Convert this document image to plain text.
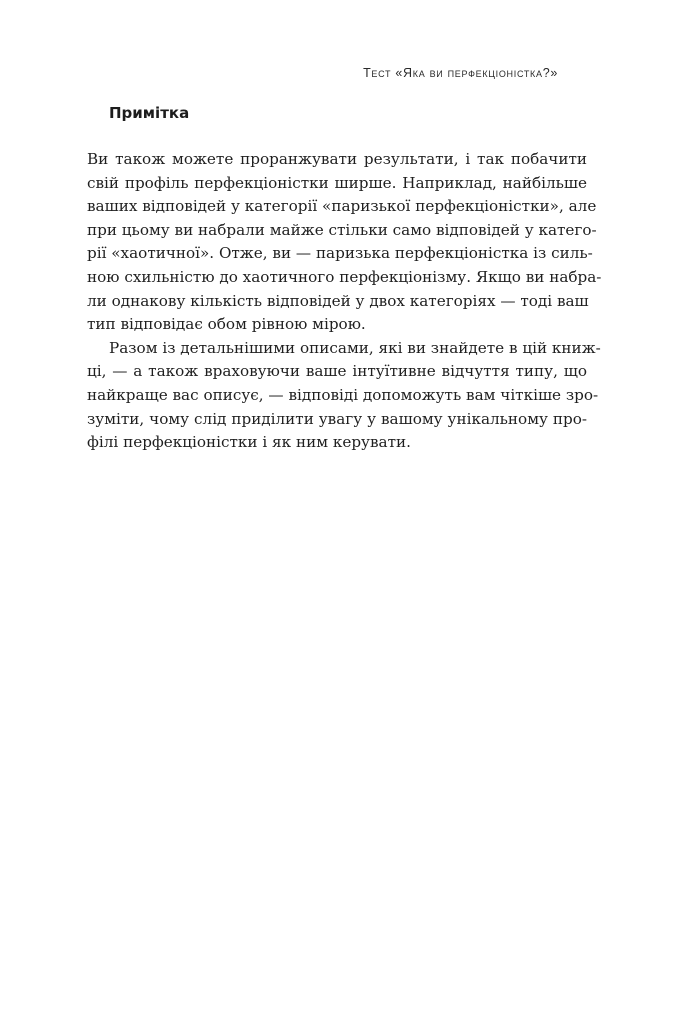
Тест «Яка ви перфекціоністка?»
Примітка
Ви також можете проранжувати результати, і так побачити
свій профіль перфекціоністки ширше. Наприклад, найбільше
ваших відповідей у категорії «паризької перфекціоністки», але
при цьому ви набрали майже стільки само відповідей у катего-
рії «хаотичної». Отже, ви — паризька перфекціоністка із силь-
ною схильністю до хаотичного перфекціонізму. Якщо ви набра-
ли однакову кількість відповідей у двох категоріях — тоді ваш
тип відповідає обом рівною мірою.
Разом із детальнішими описами, які ви знайдете в цій книж-
ці, — а також враховуючи ваше інтуїтивне відчуття типу, що
найкраще вас описує, — відповіді допоможуть вам чіткіше зро-
зуміти, чому слід приділити увагу у вашому унікальному про-
філі перфекціоністки і як ним керувати.
